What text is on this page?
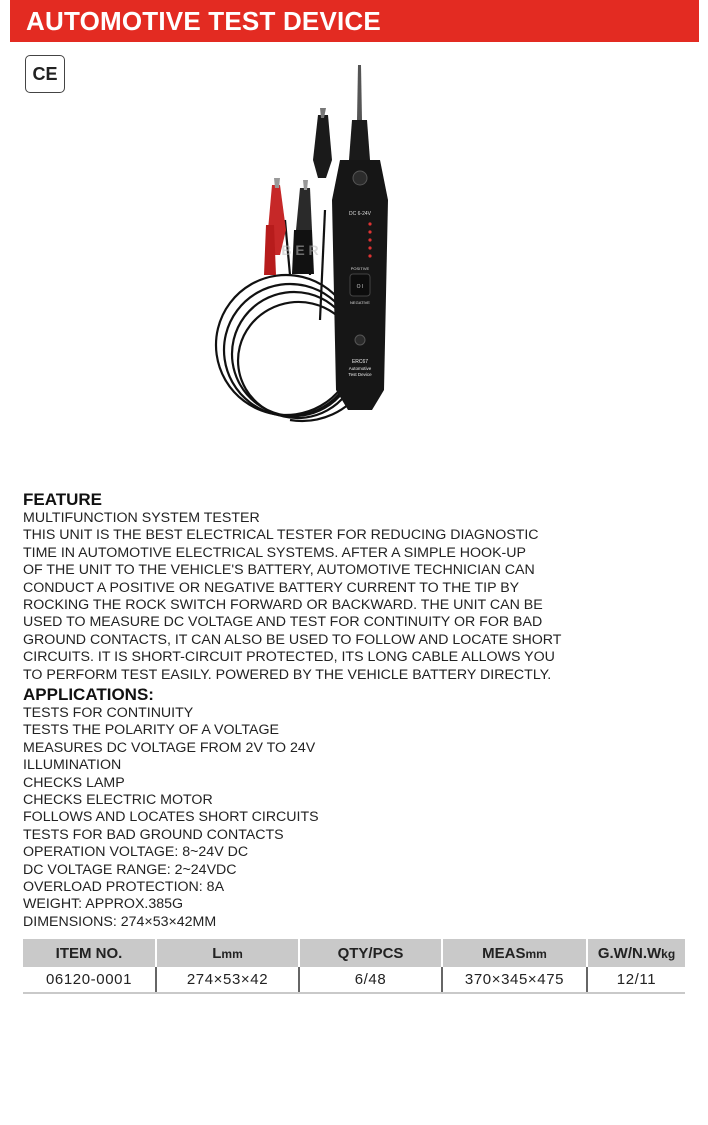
AUTOMOTIVE TEST DEVICE
CE
DC 6-24V
POSITIVE
O I
NEGATIVE
ERC67
Automotive
Test Device
B E R
FEATURE
MULTIFUNCTION SYSTEM TESTER
THIS UNIT IS THE BEST ELECTRICAL TESTER FOR REDUCING DIAGNOSTIC
TIME IN AUTOMOTIVE ELECTRICAL SYSTEMS. AFTER A SIMPLE HOOK-UP
OF THE UNIT TO THE VEHICLE'S BATTERY, AUTOMOTIVE TECHNICIAN CAN
CONDUCT A POSITIVE OR NEGATIVE BATTERY CURRENT TO THE TIP BY
ROCKING THE ROCK SWITCH FORWARD OR BACKWARD. THE UNIT CAN BE
USED TO MEASURE DC VOLTAGE AND TEST FOR CONTINUITY OR FOR BAD
GROUND CONTACTS, IT CAN ALSO BE USED TO FOLLOW AND LOCATE SHORT
CIRCUITS. IT IS SHORT-CIRCUIT PROTECTED, ITS LONG CABLE ALLOWS YOU
TO PERFORM TEST EASILY. POWERED BY THE VEHICLE BATTERY DIRECTLY.
APPLICATIONS:
TESTS FOR CONTINUITY
TESTS THE POLARITY OF A VOLTAGE
MEASURES DC VOLTAGE FROM 2V TO 24V
ILLUMINATION
CHECKS LAMP
CHECKS ELECTRIC MOTOR
FOLLOWS AND LOCATES SHORT CIRCUITS
TESTS FOR BAD GROUND CONTACTS
OPERATION VOLTAGE: 8~24V DC
DC VOLTAGE RANGE: 2~24VDC
OVERLOAD PROTECTION: 8A
WEIGHT: APPROX.385G
DIMENSIONS: 274×53×42MM
ITEM NO.	Lmm	QTY/PCS	MEASmm	G.W/N.Wkg
06120-0001	274×53×42	6/48	370×345×475	12/11
